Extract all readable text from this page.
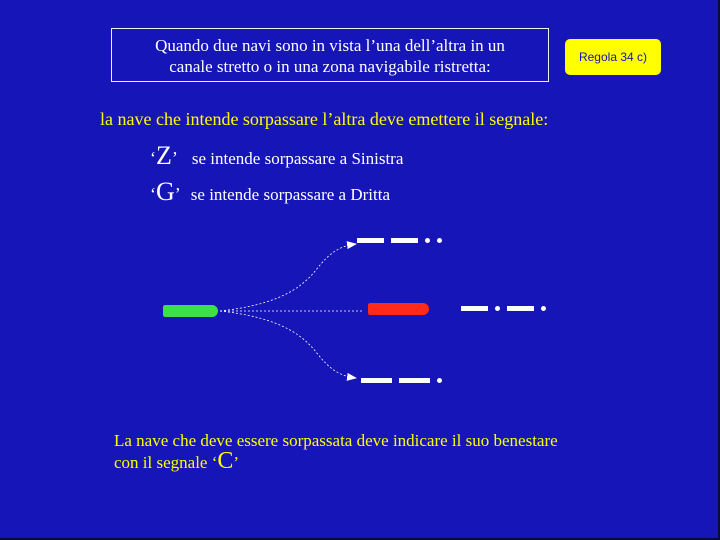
Quando due navi sono in vista l’una dell’altra in un
canale stretto o in una zona navigabile ristretta:	Regola 34 c)
la nave che intende sorpassare l’altra deve emettere il segnale:
‘Z’ se intende sorpassare a Sinistra
‘G’ se intende sorpassare a Dritta
La nave che deve essere sorpassata deve indicare il suo benestare con il segnale ‘C’
